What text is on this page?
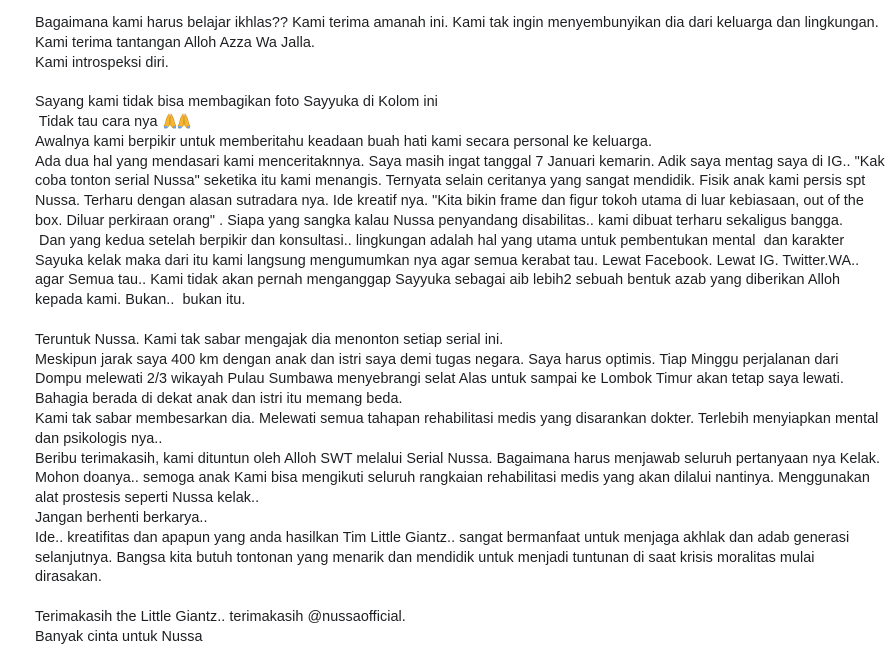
Bagaimana kami harus belajar ikhlas?? Kami terima amanah ini. Kami tak ingin menyembunyikan dia dari keluarga dan lingkungan.
Kami terima tantangan Alloh Azza Wa Jalla.
Kami introspeksi diri.
Sayang kami tidak bisa membagikan foto Sayyuka di Kolom ini
Tidak tau cara nya
Awalnya kami berpikir untuk memberitahu keadaan buah hati kami secara personal ke keluarga.
Ada dua hal yang mendasari kami menceritaknnya. Saya masih ingat tanggal 7 Januari kemarin. Adik saya mentag saya di IG.. "Kak
coba tonton serial Nussa" seketika itu kami menangis. Ternyata selain ceritanya yang sangat mendidik. Fisik anak kami persis spt
Nussa. Terharu dengan alasan sutradara nya. Ide kreatif nya. "Kita bikin frame dan figur tokoh utama di luar kebiasaan, out of the
box. Diluar perkiraan orang" . Siapa yang sangka kalau Nussa penyandang disabilitas.. kami dibuat terharu sekaligus bangga.
Dan yang kedua setelah berpikir dan konsultasi.. lingkungan adalah hal yang utama untuk pembentukan mental  dan karakter
Sayuka kelak maka dari itu kami langsung mengumumkan nya agar semua kerabat tau. Lewat Facebook. Lewat IG. Twitter.WA..
agar Semua tau.. Kami tidak akan pernah menganggap Sayyuka sebagai aib lebih2 sebuah bentuk azab yang diberikan Alloh
kepada kami. Bukan..  bukan itu.
Teruntuk Nussa. Kami tak sabar mengajak dia menonton setiap serial ini.
Meskipun jarak saya 400 km dengan anak dan istri saya demi tugas negara. Saya harus optimis. Tiap Minggu perjalanan dari
Dompu melewati 2/3 wikayah Pulau Sumbawa menyebrangi selat Alas untuk sampai ke Lombok Timur akan tetap saya lewati.
Bahagia berada di dekat anak dan istri itu memang beda.
Kami tak sabar membesarkan dia. Melewati semua tahapan rehabilitasi medis yang disarankan dokter. Terlebih menyiapkan mental
dan psikologis nya..
Beribu terimakasih, kami dituntun oleh Alloh SWT melalui Serial Nussa. Bagaimana harus menjawab seluruh pertanyaan nya Kelak.
Mohon doanya.. semoga anak Kami bisa mengikuti seluruh rangkaian rehabilitasi medis yang akan dilalui nantinya. Menggunakan
alat prostesis seperti Nussa kelak..
Jangan berhenti berkarya..
Ide.. kreatifitas dan apapun yang anda hasilkan Tim Little Giantz.. sangat bermanfaat untuk menjaga akhlak dan adab generasi
selanjutnya. Bangsa kita butuh tontonan yang menarik dan mendidik untuk menjadi tuntunan di saat krisis moralitas mulai
dirasakan.
Terimakasih the Little Giantz.. terimakasih @nussaofficial.
Banyak cinta untuk Nussa
